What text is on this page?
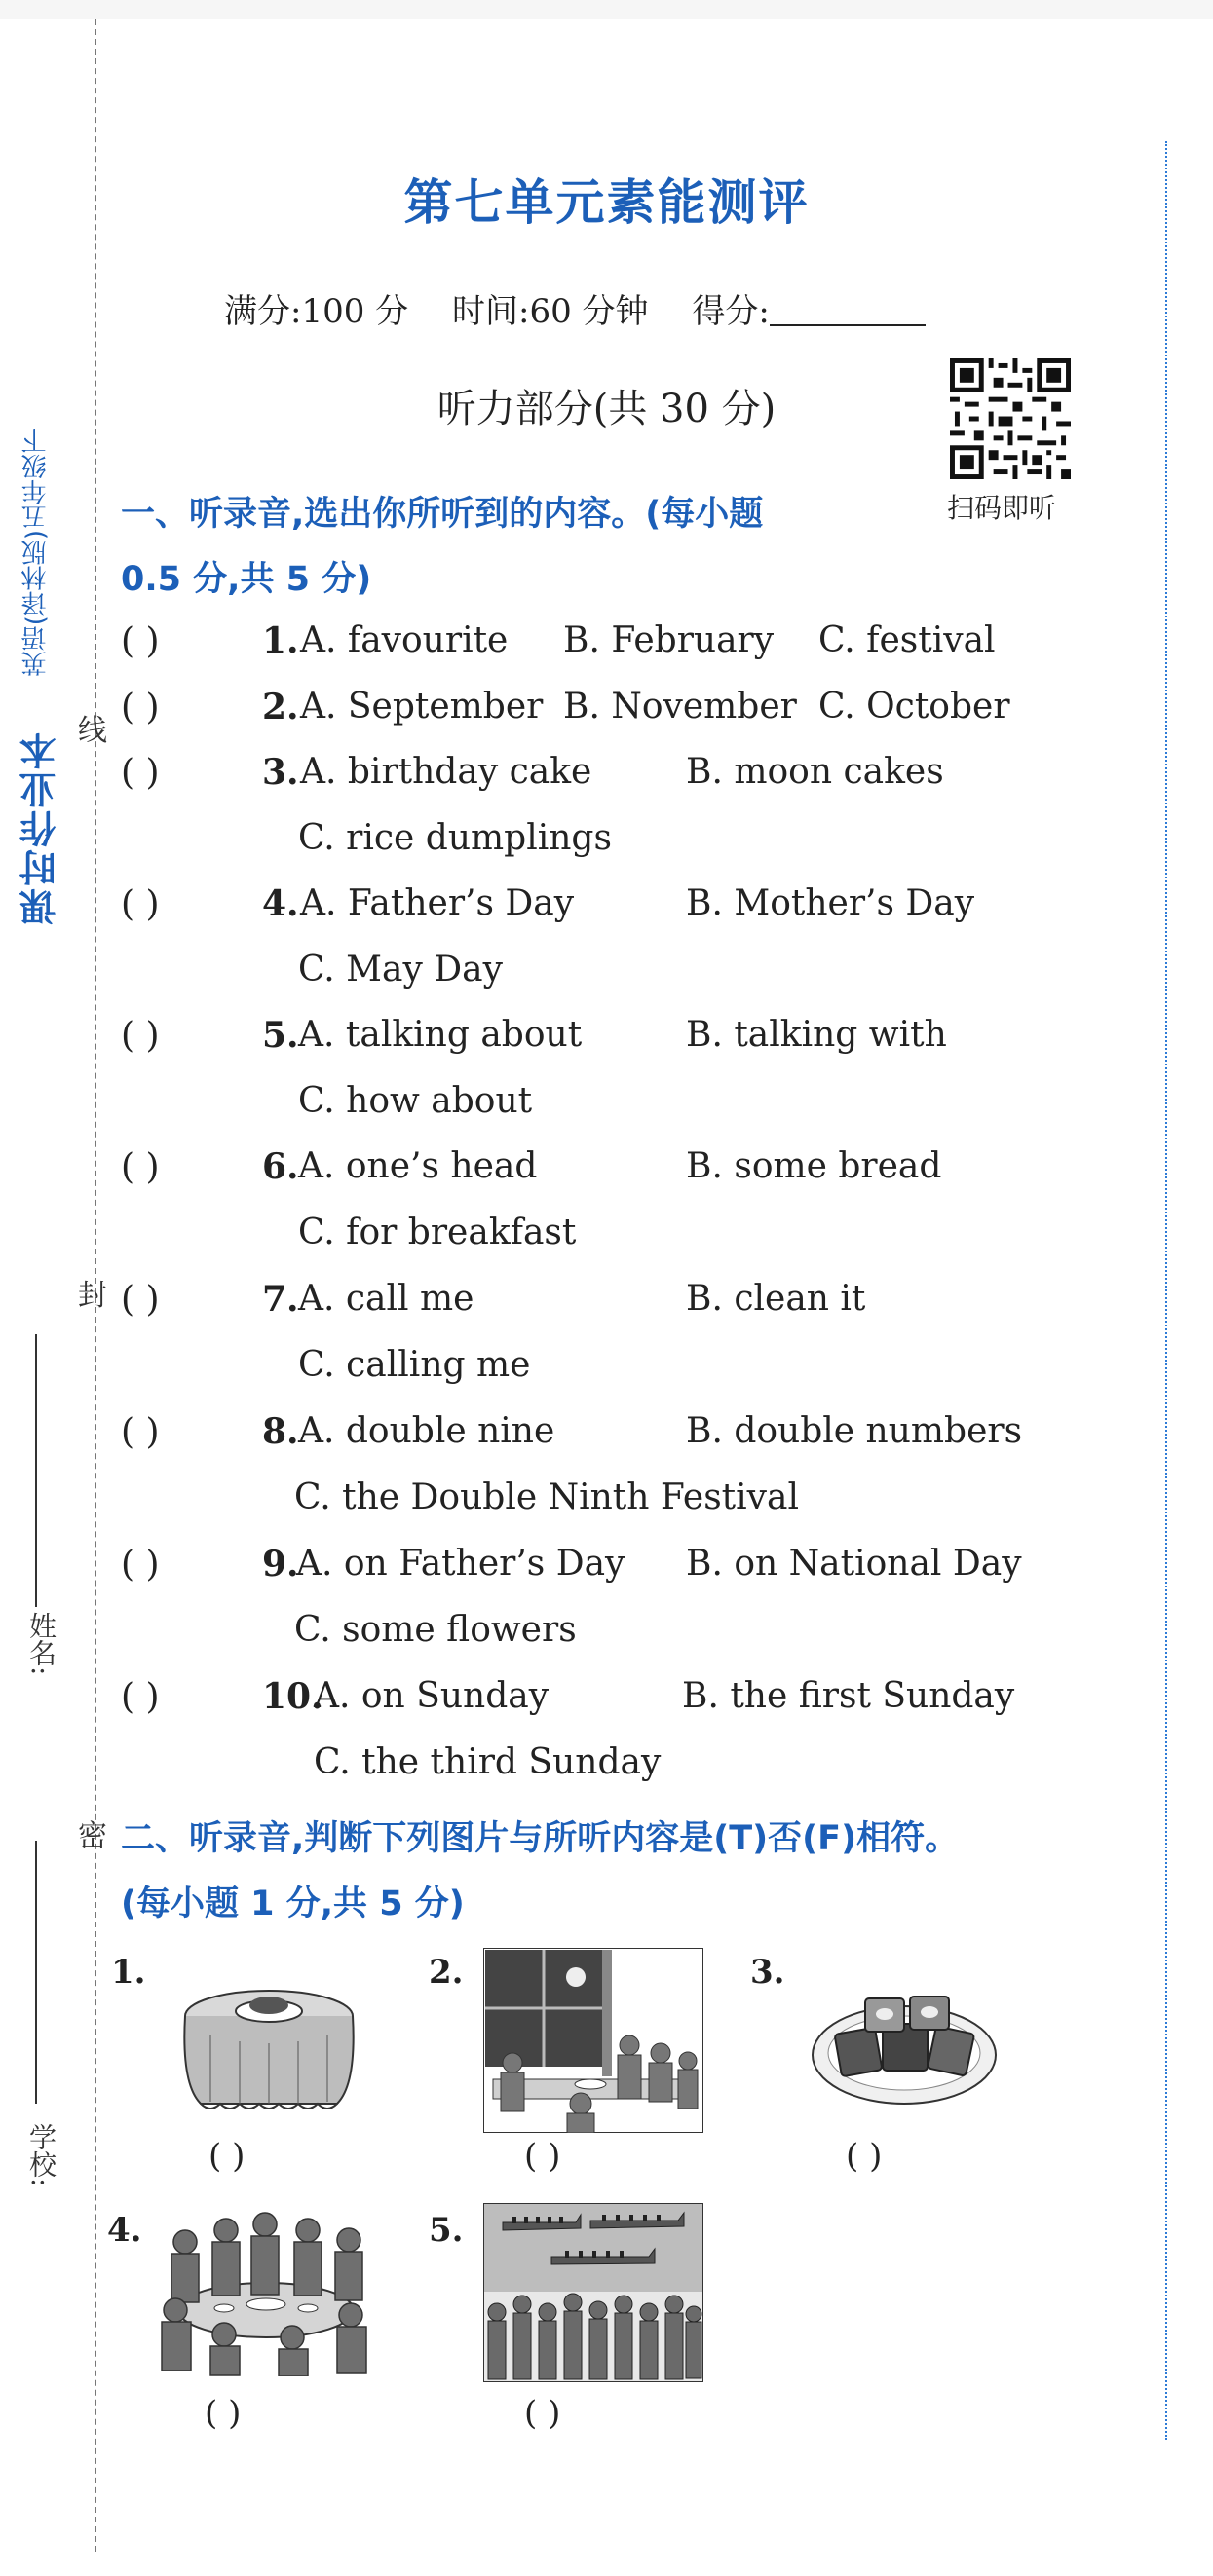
课时作业本
英语(译林版)五年级下
线
封
密
姓名:
学校:
第七单元素能测评
满分:100 分 时间:60 分钟 得分:
听力部分(共 30 分)
扫码即听
一、听录音,选出你所听到的内容。(每小题
0.5 分,共 5 分)
( )	1. A. favourite B. February C. festival
( )	2. A. September B. November C. October
( )	3. A. birthday cake	B. moon cakes
C. rice dumplings
( )	4. A. Father’s Day	B. Mother’s Day
C. May Day
( )	5. A. talking about	B. talking with
C. how about
( )	6. A. one’s head	B. some bread
C. for breakfast
( )	7. A. call me	B. clean it
C. calling me
( )	8. A. double nine	B. double numbers
C. the Double Ninth Festival
( )	9.
A. on Father’s Day B. on National Day
C. some flowers
( )	10.
A. on Sunday	B. the first Sunday
C. the third Sunday
二、听录音,判断下列图片与所听内容是(T)否(F)相符。
(每小题 1 分,共 5 分)
1.
( )
2.
( )
3.
( )
4.
( )
5.
( )
